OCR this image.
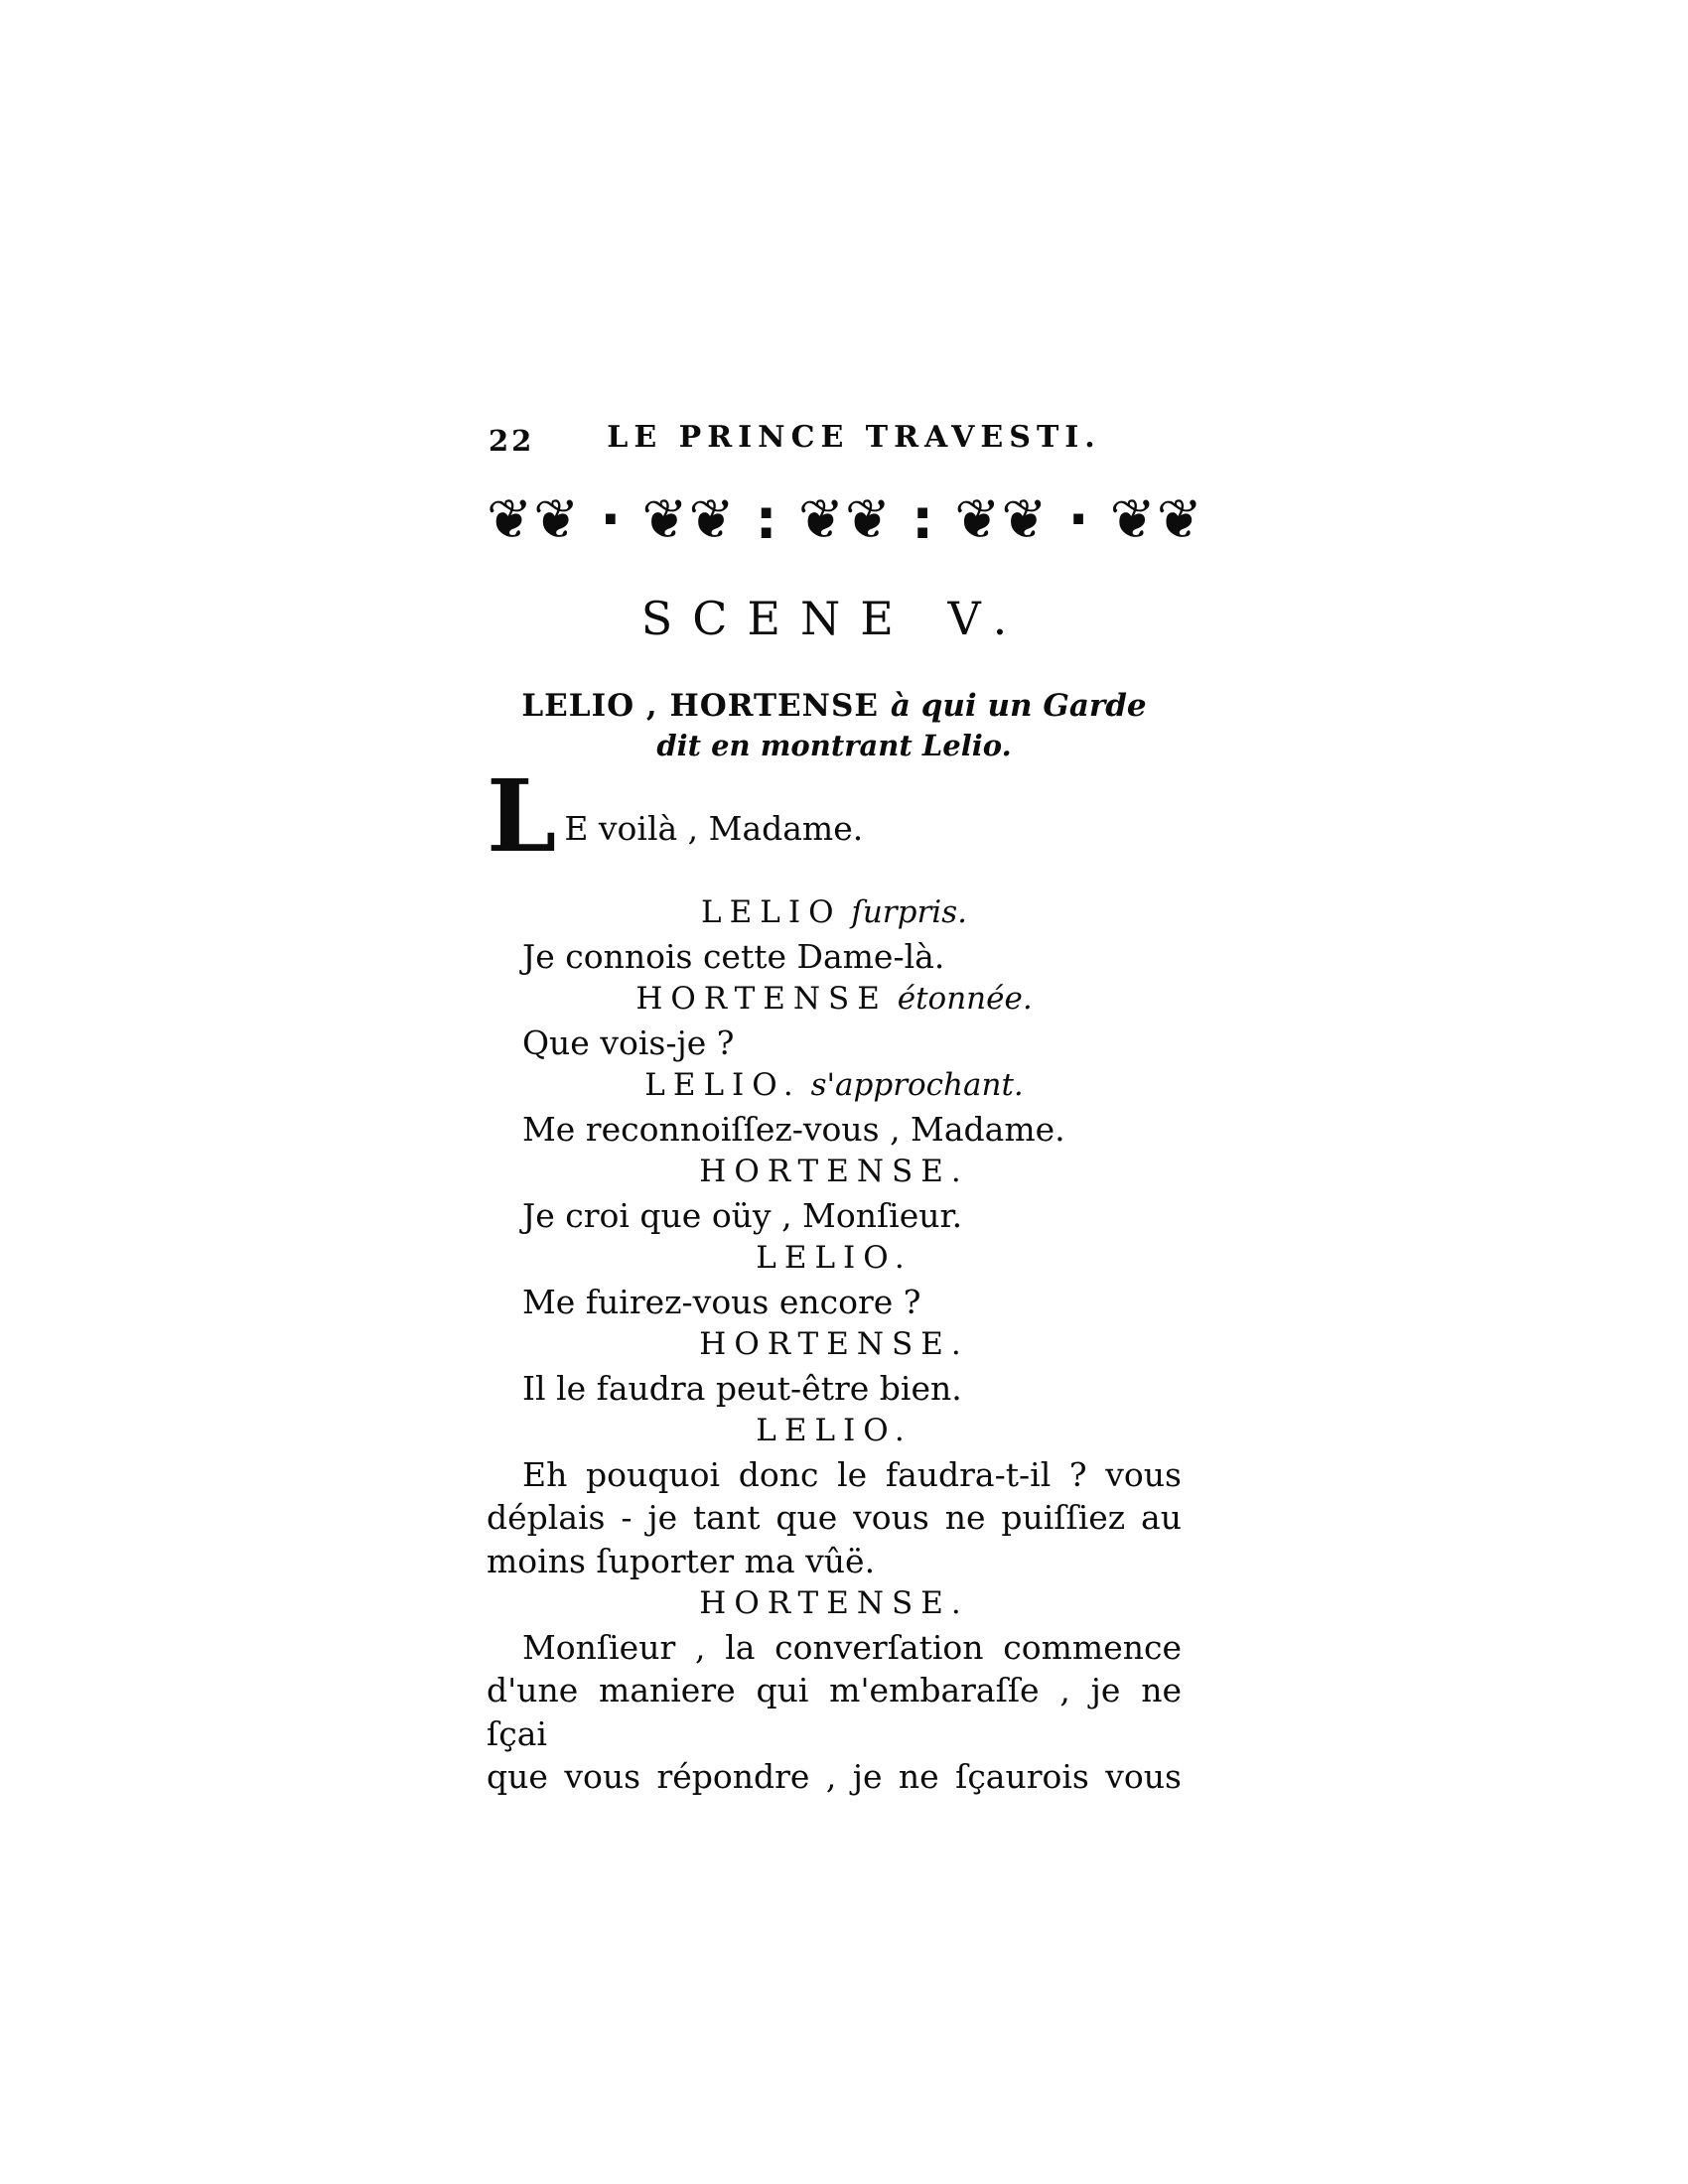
22	LE PRINCE TRAVESTI.
❦❦ · ❦❦ : ❦❦ : ❦❦ · ❦❦
SCENE V.
LELIO , HORTENSE à qui un Garde
dit en montrant Lelio.
L E voilà , Madame.
LELIO ſurpris.
Je connois cette Dame-là.
HORTENSE étonnée.
Que vois-je ?
LELIO. s'approchant.
Me reconnoiſſez-vous , Madame.
HORTENSE.
Je croi que oüy , Monſieur.
LELIO.
Me fuirez-vous encore ?
HORTENSE.
Il le faudra peut-être bien.
LELIO.
Eh pouquoi donc le faudra-t-il ? vous
déplais - je tant que vous ne puiſſiez au
moins ſuporter ma vûë.
HORTENSE.
Monſieur , la converſation commence
d'une maniere qui m'embaraſſe , je ne ſçai
que vous répondre , je ne ſçaurois vous
